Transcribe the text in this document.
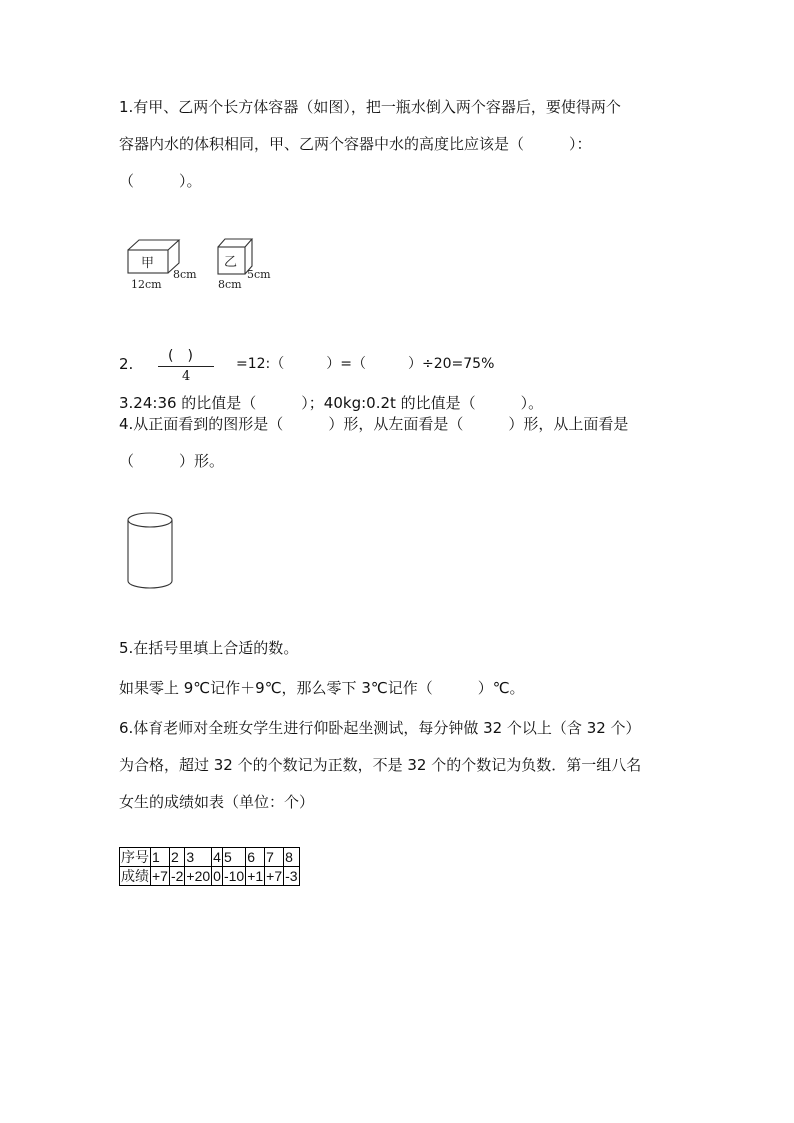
1.有甲、乙两个长方体容器（如图），把一瓶水倒入两个容器后，要使得两个
容器内水的体积相同，甲、乙两个容器中水的高度比应该是（　　　）：
（　　　）。
甲
8cm
12cm
乙
5cm
8cm
2. (　)
4
=12:（　　　）=（　　　）÷20=75%
3.24:36 的比值是（　　　）；40kg:0.2t 的比值是（　　　）。
4.从正面看到的图形是（　　　）形，从左面看是（　　　）形，从上面看是
（　　　）形。
5.在括号里填上合适的数。
如果零上 9℃记作＋9℃，那么零下 3℃记作（　　　）℃。
6.体育老师对全班女学生进行仰卧起坐测试，每分钟做 32 个以上（含 32 个）
为合格，超过 32 个的个数记为正数，不是 32 个的个数记为负数．第一组八名
女生的成绩如表（单位：个）
序号	1	2	3	4	5	6	7	8
成绩	+7	-2	+20	0	-10	+1	+7	-3
